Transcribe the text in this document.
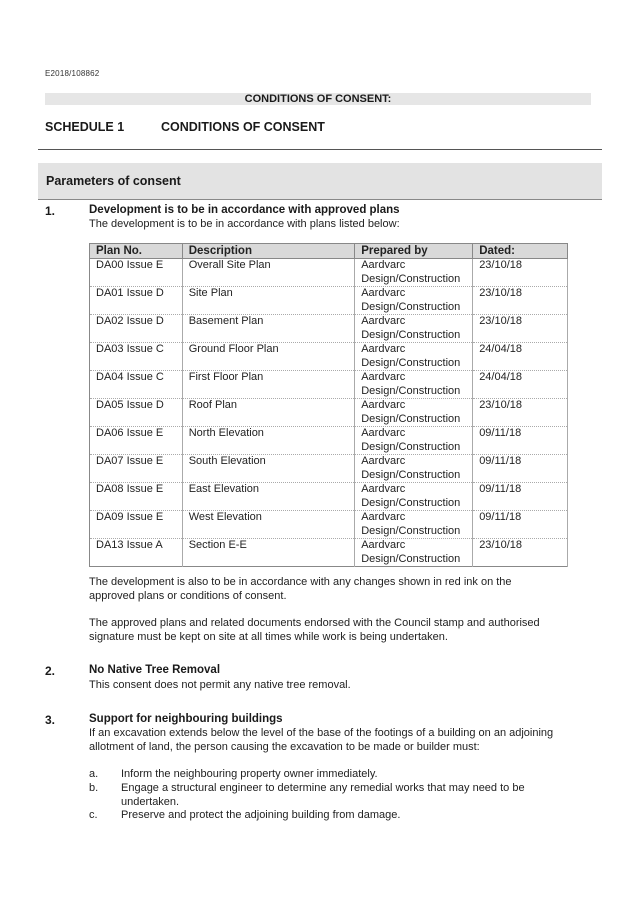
E2018/108862
CONDITIONS OF CONSENT:
SCHEDULE 1	CONDITIONS OF CONSENT
Parameters of consent
1.	Development is to be in accordance with approved plans
The development is to be in accordance with plans listed below:
Plan No.	Description	Prepared by	Dated:
DA00 Issue E	Overall Site Plan	Aardvarc Design/Construction	23/10/18
DA01 Issue D	Site Plan	Aardvarc Design/Construction	23/10/18
DA02 Issue D	Basement Plan	Aardvarc Design/Construction	23/10/18
DA03 Issue C	Ground Floor Plan	Aardvarc Design/Construction	24/04/18
DA04 Issue C	First Floor Plan	Aardvarc Design/Construction	24/04/18
DA05 Issue D	Roof Plan	Aardvarc Design/Construction	23/10/18
DA06 Issue E	North Elevation	Aardvarc Design/Construction	09/11/18
DA07 Issue E	South Elevation	Aardvarc Design/Construction	09/11/18
DA08 Issue E	East Elevation	Aardvarc Design/Construction	09/11/18
DA09 Issue E	West Elevation	Aardvarc Design/Construction	09/11/18
DA13 Issue A	Section E-E	Aardvarc Design/Construction	23/10/18
The development is also to be in accordance with any changes shown in red ink on the approved plans or conditions of consent.
The approved plans and related documents endorsed with the Council stamp and authorised signature must be kept on site at all times while work is being undertaken.
2.	No Native Tree Removal
This consent does not permit any native tree removal.
3.	Support for neighbouring buildings
If an excavation extends below the level of the base of the footings of a building on an adjoining allotment of land, the person causing the excavation to be made or builder must:
a. Inform the neighbouring property owner immediately.
b. Engage a structural engineer to determine any remedial works that may need to be undertaken.
c. Preserve and protect the adjoining building from damage.
